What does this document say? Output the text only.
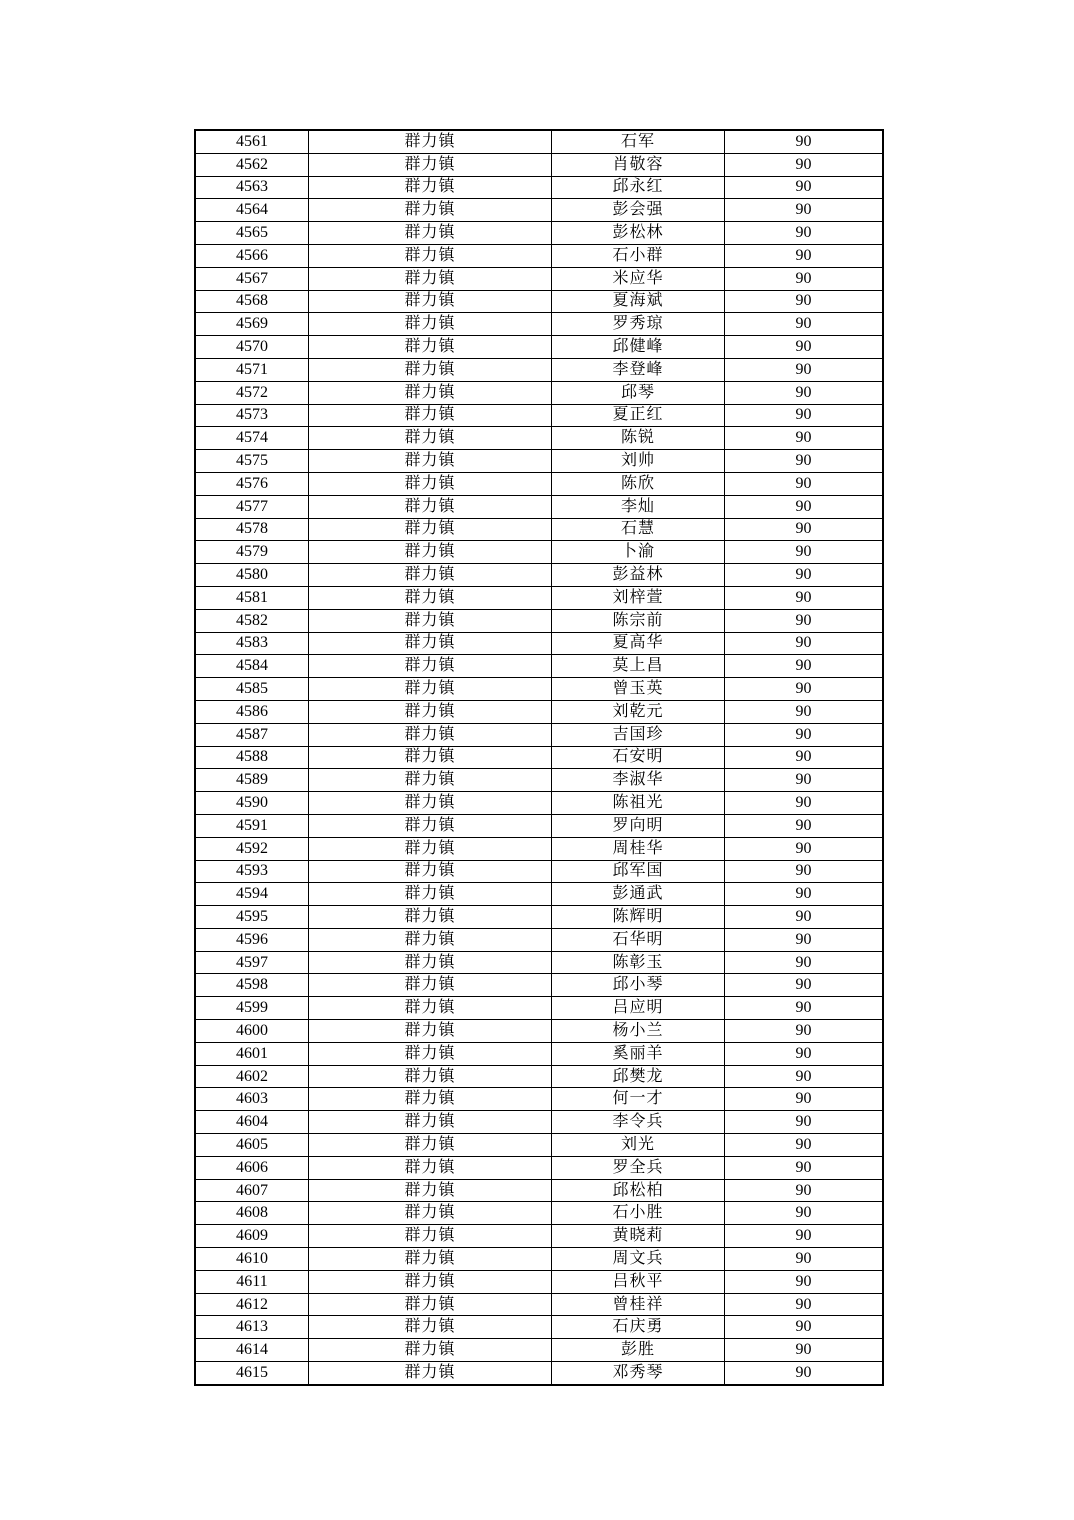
4561	群力镇	石军	90
4562	群力镇	肖敬容	90
4563	群力镇	邱永红	90
4564	群力镇	彭会强	90
4565	群力镇	彭松林	90
4566	群力镇	石小群	90
4567	群力镇	米应华	90
4568	群力镇	夏海斌	90
4569	群力镇	罗秀琼	90
4570	群力镇	邱健峰	90
4571	群力镇	李登峰	90
4572	群力镇	邱琴	90
4573	群力镇	夏正红	90
4574	群力镇	陈锐	90
4575	群力镇	刘帅	90
4576	群力镇	陈欣	90
4577	群力镇	李灿	90
4578	群力镇	石慧	90
4579	群力镇	卜渝	90
4580	群力镇	彭益林	90
4581	群力镇	刘梓萱	90
4582	群力镇	陈宗前	90
4583	群力镇	夏高华	90
4584	群力镇	莫上昌	90
4585	群力镇	曾玉英	90
4586	群力镇	刘乾元	90
4587	群力镇	吉国珍	90
4588	群力镇	石安明	90
4589	群力镇	李淑华	90
4590	群力镇	陈祖光	90
4591	群力镇	罗向明	90
4592	群力镇	周桂华	90
4593	群力镇	邱军国	90
4594	群力镇	彭通武	90
4595	群力镇	陈辉明	90
4596	群力镇	石华明	90
4597	群力镇	陈彰玉	90
4598	群力镇	邱小琴	90
4599	群力镇	吕应明	90
4600	群力镇	杨小兰	90
4601	群力镇	奚丽羊	90
4602	群力镇	邱樊龙	90
4603	群力镇	何一才	90
4604	群力镇	李令兵	90
4605	群力镇	刘光	90
4606	群力镇	罗全兵	90
4607	群力镇	邱松柏	90
4608	群力镇	石小胜	90
4609	群力镇	黄晓莉	90
4610	群力镇	周文兵	90
4611	群力镇	吕秋平	90
4612	群力镇	曾桂祥	90
4613	群力镇	石庆勇	90
4614	群力镇	彭胜	90
4615	群力镇	邓秀琴	90
